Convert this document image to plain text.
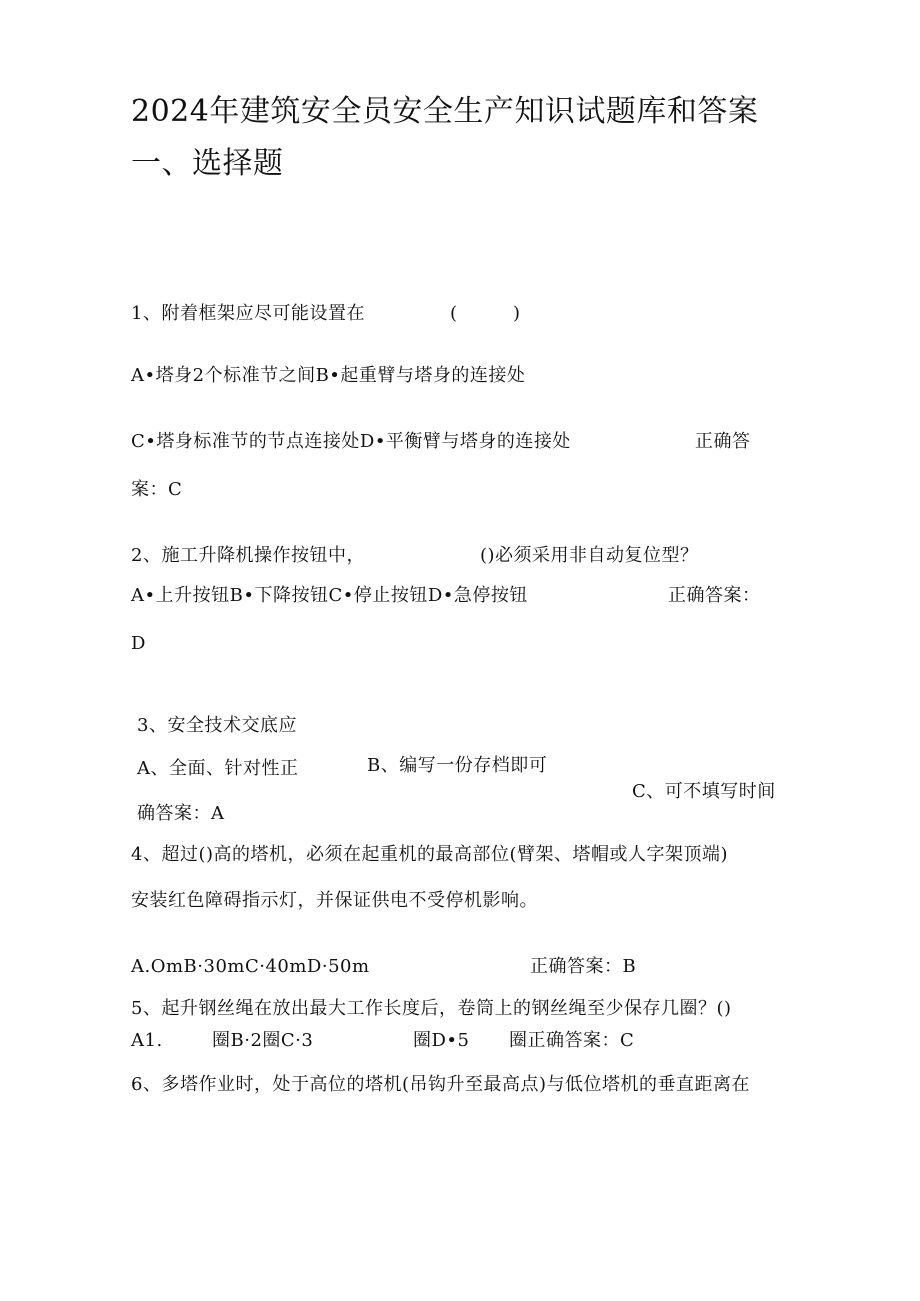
2024年建筑安全员安全生产知识试题库和答案
一、选择题
1、附着框架应尽可能设置在	(　　　)
A•塔身2个标准节之间B•起重臂与塔身的连接处
C•塔身标准节的节点连接处D•平衡臂与塔身的连接处	正确答
案：C
2、施工升降机操作按钮中，	()必须采用非自动复位型？
A•上升按钮B•下降按钮C•停止按钮D•急停按钮	正确答案：
D
3、安全技术交底应
A、全面、针对性正	B、编写一份存档即可
C、可不填写时间
确答案：A
4、超过()高的塔机，必须在起重机的最高部位(臂架、塔帽或人字架顶端)
安装红色障碍指示灯，并保证供电不受停机影响。
A.OmB·30mC·40mD·50m	正确答案：B
5、起升钢丝绳在放出最大工作长度后，卷筒上的钢丝绳至少保存几圈？()
A1.	圈B·2圈C·3	圈D•5 圈正确答案：C
6、多塔作业时，处于高位的塔机(吊钩升至最高点)与低位塔机的垂直距离在
